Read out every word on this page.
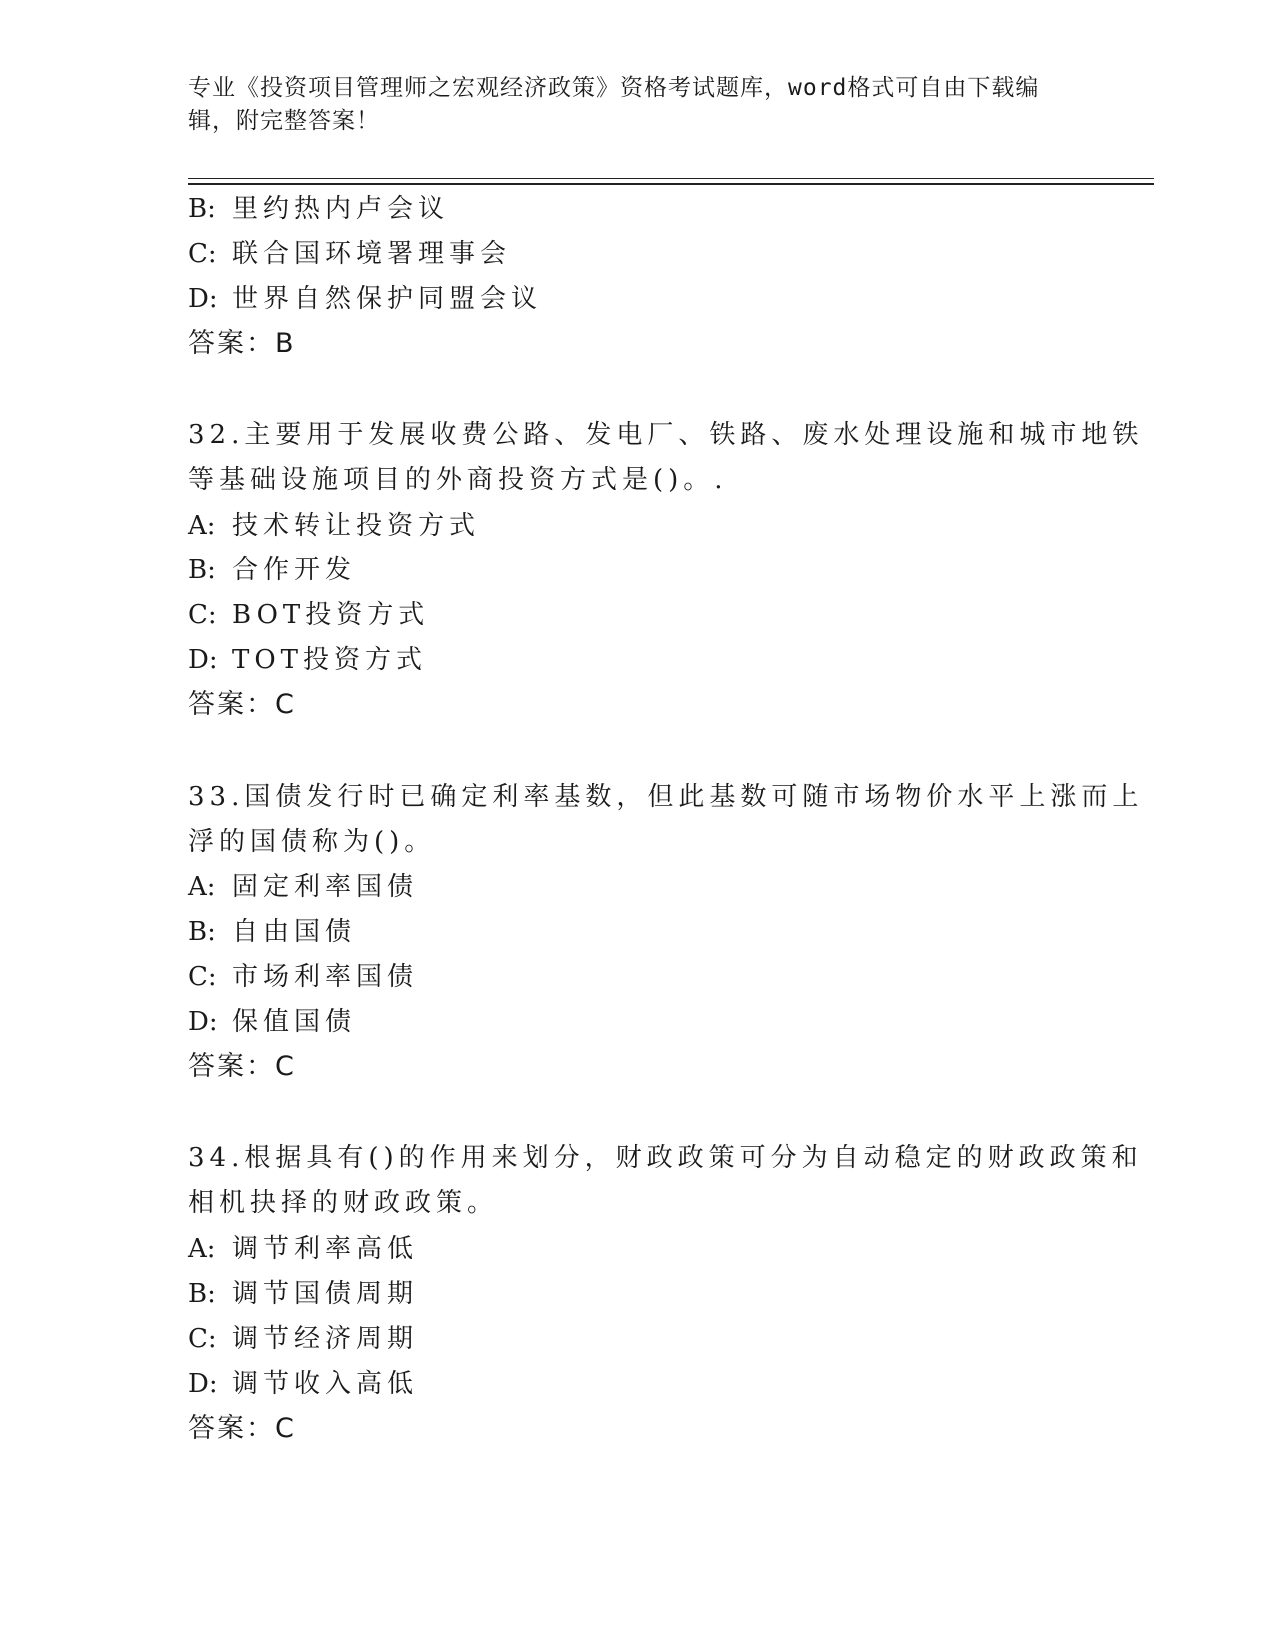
专业《投资项目管理师之宏观经济政策》资格考试题库，word格式可自由下载编
辑，附完整答案！
B: 里约热内卢会议
C: 联合国环境署理事会
D: 世界自然保护同盟会议
答案：B
32.主要用于发展收费公路、发电厂、铁路、废水处理设施和城市地铁
等基础设施项目的外商投资方式是()。.
A: 技术转让投资方式
B: 合作开发
C: BOT投资方式
D: TOT投资方式
答案：C
33.国债发行时已确定利率基数，但此基数可随市场物价水平上涨而上
浮的国债称为()。
A: 固定利率国债
B: 自由国债
C: 市场利率国债
D: 保值国债
答案：C
34.根据具有()的作用来划分，财政政策可分为自动稳定的财政政策和
相机抉择的财政政策。
A: 调节利率高低
B: 调节国债周期
C: 调节经济周期
D: 调节收入高低
答案：C
